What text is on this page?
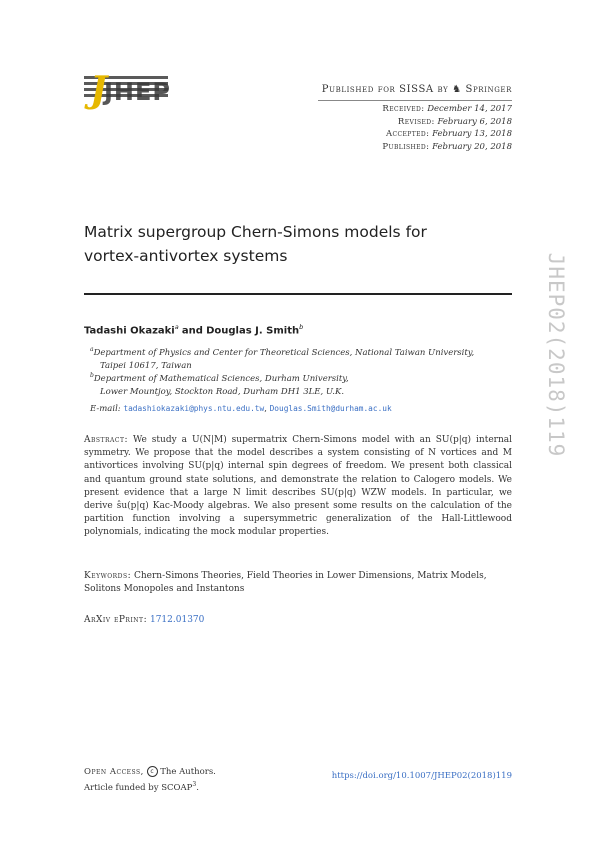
JHEP
J	Published for SISSA by ♞ Springer
Received: December 14, 2017
Revised: February 6, 2018
Accepted: February 13, 2018
Published: February 20, 2018
Matrix supergroup Chern-Simons models for
vortex-antivortex systems
Tadashi Okazaki$^a$ and Douglas J. Smith$^b$
$^a$Department of Physics and Center for Theoretical Sciences, National Taiwan University,
Taipei 10617, Taiwan
$^b$Department of Mathematical Sciences, Durham University,
Lower Mountjoy, Stockton Road, Durham DH1 3LE, U.K.
E-mail: tadashiokazaki@phys.ntu.edu.tw, Douglas.Smith@durham.ac.uk
Abstract: We study a U(N|M) supermatrix Chern-Simons model with an SU(p|q) internal symmetry. We propose that the model describes a system consisting of N vortices and M antivortices involving SU(p|q) internal spin degrees of freedom. We present both classical and quantum ground state solutions, and demonstrate the relation to Calogero models. We present evidence that a large N limit describes SU(p|q) WZW models. In particular, we derive ŝu(p|q) Kac-Moody algebras. We also present some results on the calculation of the partition function involving a supersymmetric generalization of the Hall-Littlewood polynomials, indicating the mock modular properties.
Keywords: Chern-Simons Theories, Field Theories in Lower Dimensions, Matrix Models, Solitons Monopoles and Instantons
ArXiv ePrint: 1712.01370
JHEP02(2018)119
Open Access, c The Authors.
Article funded by SCOAP$^3$.
https://doi.org/10.1007/JHEP02(2018)119
